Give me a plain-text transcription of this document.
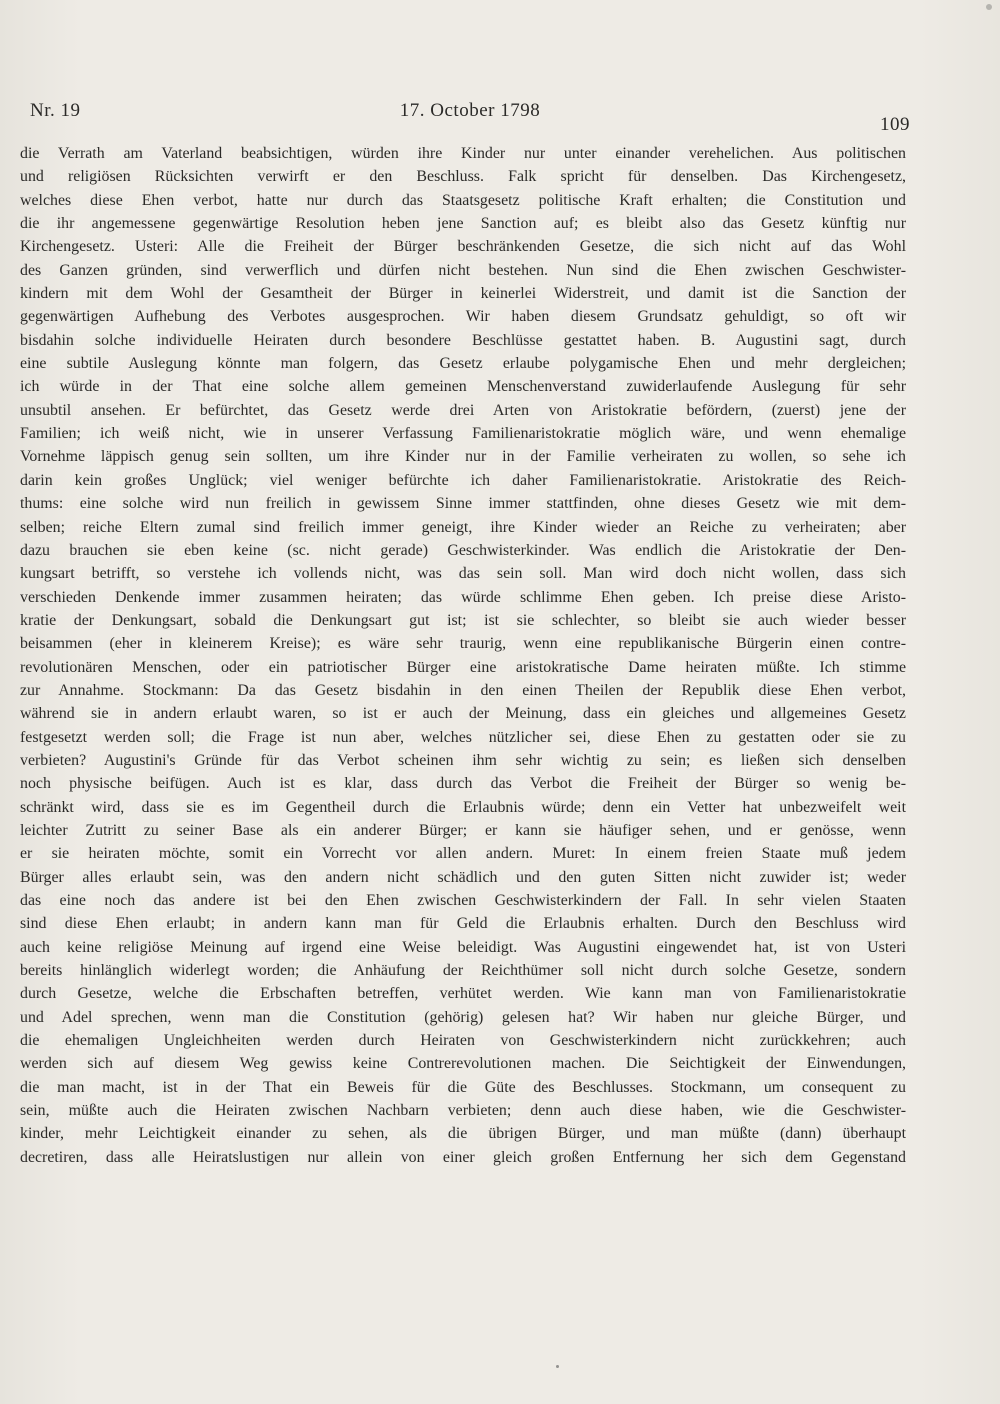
Nr. 19	17. October 1798
109
die Verrath am Vaterland beabsichtigen, würden ihre Kinder nur unter einander verehelichen. Aus politischen
und religiösen Rücksichten verwirft er den Beschluss. Falk spricht für denselben. Das Kirchengesetz,
welches diese Ehen verbot, hatte nur durch das Staatsgesetz politische Kraft erhalten; die Constitution und
die ihr angemessene gegenwärtige Resolution heben jene Sanction auf; es bleibt also das Gesetz künftig nur
Kirchengesetz. Usteri: Alle die Freiheit der Bürger beschränkenden Gesetze, die sich nicht auf das Wohl
des Ganzen gründen, sind verwerflich und dürfen nicht bestehen. Nun sind die Ehen zwischen Geschwister-
kindern mit dem Wohl der Gesamtheit der Bürger in keinerlei Widerstreit, und damit ist die Sanction der
gegenwärtigen Aufhebung des Verbotes ausgesprochen. Wir haben diesem Grundsatz gehuldigt, so oft wir
bisdahin solche individuelle Heiraten durch besondere Beschlüsse gestattet haben. B. Augustini sagt, durch
eine subtile Auslegung könnte man folgern, das Gesetz erlaube polygamische Ehen und mehr dergleichen;
ich würde in der That eine solche allem gemeinen Menschenverstand zuwiderlaufende Auslegung für sehr
unsubtil ansehen. Er befürchtet, das Gesetz werde drei Arten von Aristokratie befördern, (zuerst) jene der
Familien; ich weiß nicht, wie in unserer Verfassung Familienaristokratie möglich wäre, und wenn ehemalige
Vornehme läppisch genug sein sollten, um ihre Kinder nur in der Familie verheiraten zu wollen, so sehe ich
darin kein großes Unglück; viel weniger befürchte ich daher Familienaristokratie. Aristokratie des Reich-
thums: eine solche wird nun freilich in gewissem Sinne immer stattfinden, ohne dieses Gesetz wie mit dem-
selben; reiche Eltern zumal sind freilich immer geneigt, ihre Kinder wieder an Reiche zu verheiraten; aber
dazu brauchen sie eben keine (sc. nicht gerade) Geschwisterkinder. Was endlich die Aristokratie der Den-
kungsart betrifft, so verstehe ich vollends nicht, was das sein soll. Man wird doch nicht wollen, dass sich
verschieden Denkende immer zusammen heiraten; das würde schlimme Ehen geben. Ich preise diese Aristo-
kratie der Denkungsart, sobald die Denkungsart gut ist; ist sie schlechter, so bleibt sie auch wieder besser
beisammen (eher in kleinerem Kreise); es wäre sehr traurig, wenn eine republikanische Bürgerin einen contre-
revolutionären Menschen, oder ein patriotischer Bürger eine aristokratische Dame heiraten müßte. Ich stimme
zur Annahme. Stockmann: Da das Gesetz bisdahin in den einen Theilen der Republik diese Ehen verbot,
während sie in andern erlaubt waren, so ist er auch der Meinung, dass ein gleiches und allgemeines Gesetz
festgesetzt werden soll; die Frage ist nun aber, welches nützlicher sei, diese Ehen zu gestatten oder sie zu
verbieten? Augustini's Gründe für das Verbot scheinen ihm sehr wichtig zu sein; es ließen sich denselben
noch physische beifügen. Auch ist es klar, dass durch das Verbot die Freiheit der Bürger so wenig be-
schränkt wird, dass sie es im Gegentheil durch die Erlaubnis würde; denn ein Vetter hat unbezweifelt weit
leichter Zutritt zu seiner Base als ein anderer Bürger; er kann sie häufiger sehen, und er genösse, wenn
er sie heiraten möchte, somit ein Vorrecht vor allen andern. Muret: In einem freien Staate muß jedem
Bürger alles erlaubt sein, was den andern nicht schädlich und den guten Sitten nicht zuwider ist; weder
das eine noch das andere ist bei den Ehen zwischen Geschwisterkindern der Fall. In sehr vielen Staaten
sind diese Ehen erlaubt; in andern kann man für Geld die Erlaubnis erhalten. Durch den Beschluss wird
auch keine religiöse Meinung auf irgend eine Weise beleidigt. Was Augustini eingewendet hat, ist von Usteri
bereits hinlänglich widerlegt worden; die Anhäufung der Reichthümer soll nicht durch solche Gesetze, sondern
durch Gesetze, welche die Erbschaften betreffen, verhütet werden. Wie kann man von Familienaristokratie
und Adel sprechen, wenn man die Constitution (gehörig) gelesen hat? Wir haben nur gleiche Bürger, und
die ehemaligen Ungleichheiten werden durch Heiraten von Geschwisterkindern nicht zurückkehren; auch
werden sich auf diesem Weg gewiss keine Contrerevolutionen machen. Die Seichtigkeit der Einwendungen,
die man macht, ist in der That ein Beweis für die Güte des Beschlusses. Stockmann, um consequent zu
sein, müßte auch die Heiraten zwischen Nachbarn verbieten; denn auch diese haben, wie die Geschwister-
kinder, mehr Leichtigkeit einander zu sehen, als die übrigen Bürger, und man müßte (dann) überhaupt
decretiren, dass alle Heiratslustigen nur allein von einer gleich großen Entfernung her sich dem Gegenstand
